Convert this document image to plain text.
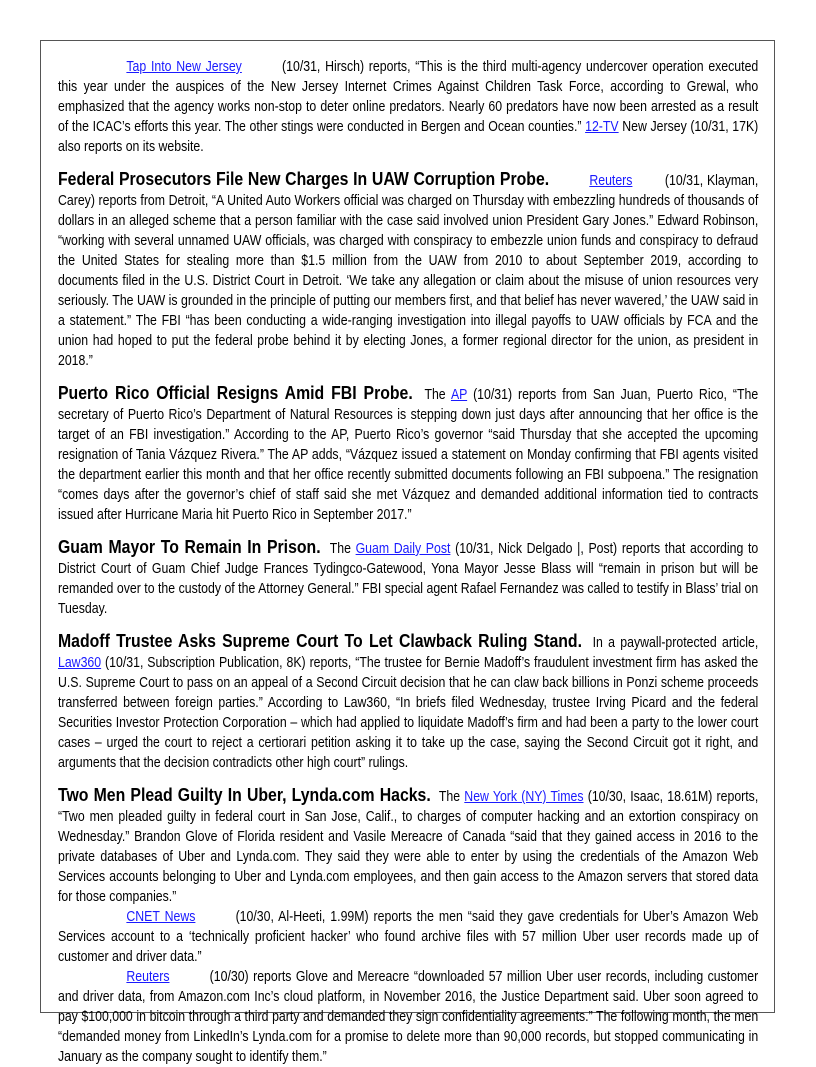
Tap Into New Jersey	(10/31, Hirsch) reports, “This is the third multi-agency undercover operation executed this year under the auspices of the New Jersey Internet Crimes Against Children Task Force, according to Grewal, who emphasized that the agency works non-stop to deter online predators. Nearly 60 predators have now been arrested as a result of the ICAC’s efforts this year. The other stings were conducted in Bergen and Ocean counties.” 12-TV New Jersey (10/31, 17K) also reports on its website.

Federal Prosecutors File New Charges In UAW Corruption Probe.	Reuters (10/31, Klayman, Carey) reports from Detroit, “A United Auto Workers official was charged on Thursday with embezzling hundreds of thousands of dollars in an alleged scheme that a person familiar with the case said involved union President Gary Jones.” Edward Robinson, “working with several unnamed UAW officials, was charged with conspiracy to embezzle union funds and conspiracy to defraud the United States for stealing more than $1.5 million from the UAW from 2010 to about September 2019, according to documents filed in the U.S. District Court in Detroit. ‘We take any allegation or claim about the misuse of union resources very seriously. The UAW is grounded in the principle of putting our members first, and that belief has never wavered,’ the UAW said in a statement.” The FBI “has been conducting a wide-ranging investigation into illegal payoffs to UAW officials by FCA and the union had hoped to put the federal probe behind it by electing Jones, a former regional director for the union, as president in 2018.”

Puerto Rico Official Resigns Amid FBI Probe. The AP (10/31) reports from San Juan, Puerto Rico, “The secretary of Puerto Rico’s Department of Natural Resources is stepping down just days after announcing that her office is the target of an FBI investigation.” According to the AP, Puerto Rico’s governor “said Thursday that she accepted the upcoming resignation of Tania Vázquez Rivera.” The AP adds, “Vázquez issued a statement on Monday confirming that FBI agents visited the department earlier this month and that her office recently submitted documents following an FBI subpoena.” The resignation “comes days after the governor’s chief of staff said she met Vázquez and demanded additional information tied to contracts issued after Hurricane Maria hit Puerto Rico in September 2017.”

Guam Mayor To Remain In Prison. The Guam Daily Post (10/31, Nick Delgado |, Post) reports that according to District Court of Guam Chief Judge Frances Tydingco-Gatewood, Yona Mayor Jesse Blass will “remain in prison but will be remanded over to the custody of the Attorney General.” FBI special agent Rafael Fernandez was called to testify in Blass’ trial on Tuesday.

Madoff Trustee Asks Supreme Court To Let Clawback Ruling Stand. In a paywall-protected article, Law360 (10/31, Subscription Publication, 8K) reports, “The trustee for Bernie Madoff’s fraudulent investment firm has asked the U.S. Supreme Court to pass on an appeal of a Second Circuit decision that he can claw back billions in Ponzi scheme proceeds transferred between foreign parties.” According to Law360, “In briefs filed Wednesday, trustee Irving Picard and the federal Securities Investor Protection Corporation – which had applied to liquidate Madoff’s firm and had been a party to the lower court cases – urged the court to reject a certiorari petition asking it to take up the case, saying the Second Circuit got it right, and arguments that the decision contradicts other high court” rulings.

Two Men Plead Guilty In Uber, Lynda.com Hacks. The New York (NY) Times (10/30, Isaac, 18.61M) reports, “Two men pleaded guilty in federal court in San Jose, Calif., to charges of computer hacking and an extortion conspiracy on Wednesday.” Brandon Glove of Florida resident and Vasile Mereacre of Canada “said that they gained access in 2016 to the private databases of Uber and Lynda.com. They said they were able to enter by using the credentials of the Amazon Web Services accounts belonging to Uber and Lynda.com employees, and then gain access to the Amazon servers that stored data for those companies.”

CNET News	(10/30, Al-Heeti, 1.99M) reports the men “said they gave credentials for Uber’s Amazon Web Services account to a ‘technically proficient hacker’ who found archive files with 57 million Uber user records made up of customer and driver data.”

Reuters	(10/30) reports Glove and Mereacre “downloaded 57 million Uber user records, including customer and driver data, from Amazon.com Inc’s cloud platform, in November 2016, the Justice Department said. Uber soon agreed to pay $100,000 in bitcoin through a third party and demanded they sign confidentiality agreements.” The following month, the men “demanded money from LinkedIn’s Lynda.com for a promise to delete more than 90,000 records, but stopped communicating in January as the company sought to identify them.”
